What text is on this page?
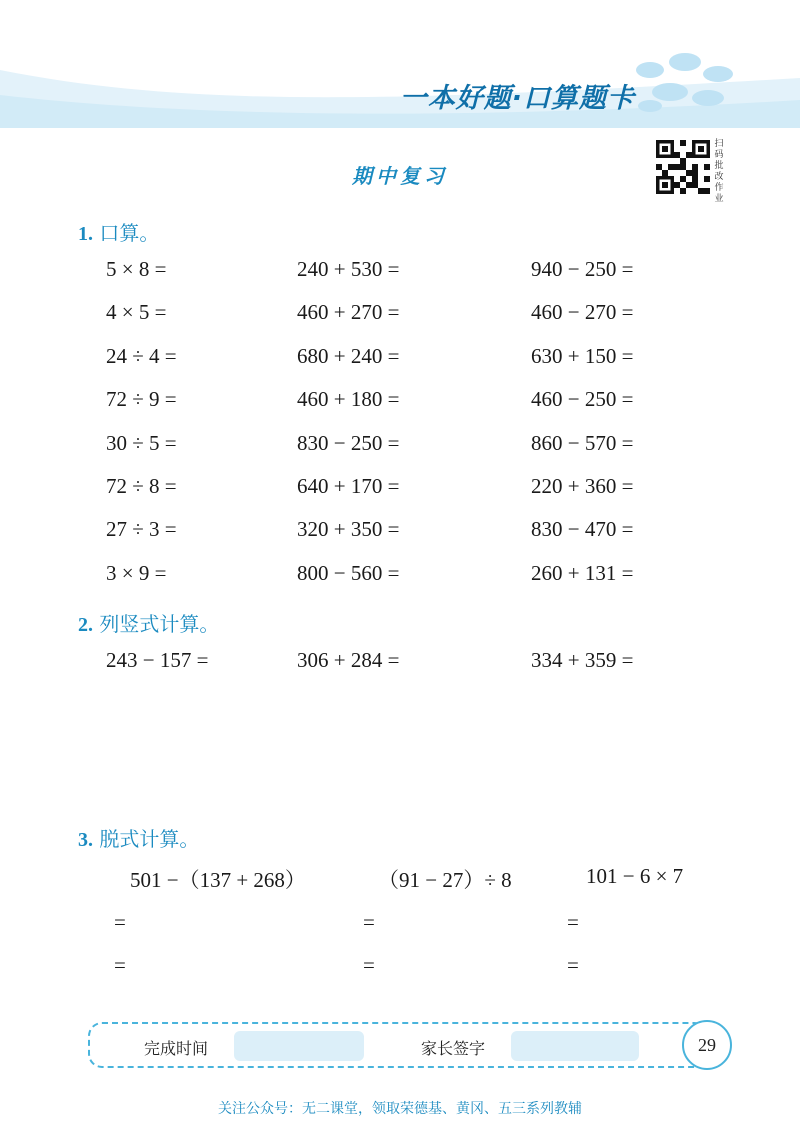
一本好题·口算题卡
扫码批改作业
期中复习
1. 口算。
5 × 8 =	240 + 530 =	940 − 250 =
4 × 5 =	460 + 270 =	460 − 270 =
24 ÷ 4 =	680 + 240 =	630 + 150 =
72 ÷ 9 =	460 + 180 =	460 − 250 =
30 ÷ 5 =	830 − 250 =	860 − 570 =
72 ÷ 8 =	640 + 170 =	220 + 360 =
27 ÷ 3 =	320 + 350 =	830 − 470 =
3 × 9 =	800 − 560 =	260 + 131 =
2. 列竖式计算。
243 − 157 =	306 + 284 =	334 + 359 =
3. 脱式计算。
501 −（137 + 268）	（91 − 27）÷ 8	101 − 6 × 7
=	=	=
=	=	=
完成时间	家长签字	29
关注公众号：无二课堂，领取荣德基、黄冈、五三系列教辅
